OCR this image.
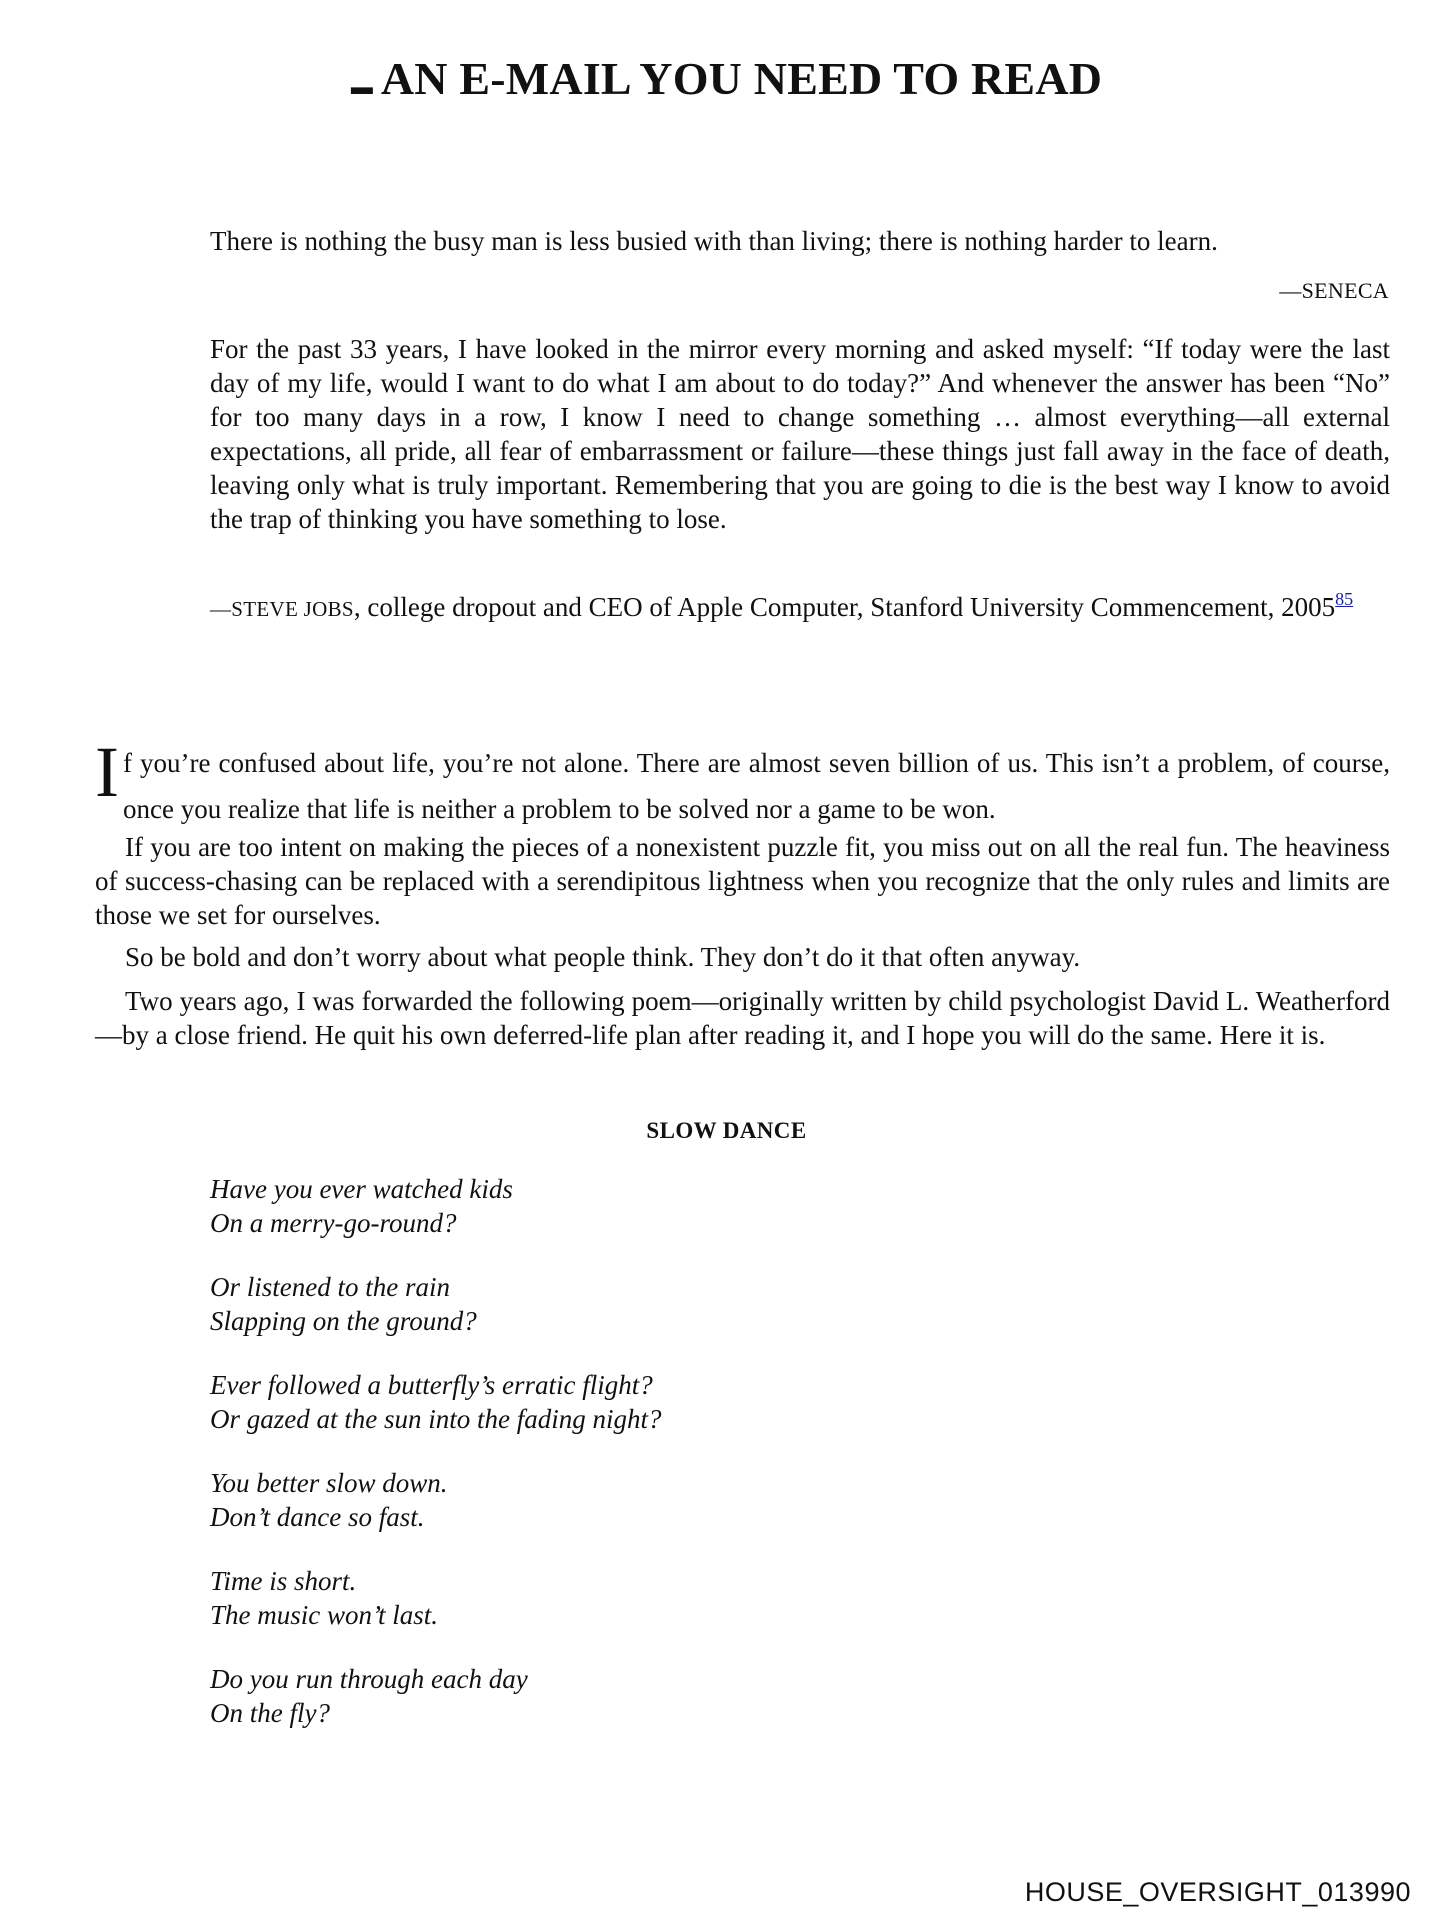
▬ AN E-MAIL YOU NEED TO READ
There is nothing the busy man is less busied with than living; there is nothing harder to learn.
—SENECA
For the past 33 years, I have looked in the mirror every morning and asked myself: “If today were the last day of my life, would I want to do what I am about to do today?” And whenever the answer has been “No” for too many days in a row, I know I need to change something … almost everything—all external expectations, all pride, all fear of embarrassment or failure—these things just fall away in the face of death, leaving only what is truly important. Remembering that you are going to die is the best way I know to avoid the trap of thinking you have something to lose.
—STEVE JOBS, college dropout and CEO of Apple Computer, Stanford University Commencement, 2005$^{85}$
If you’re confused about life, you’re not alone. There are almost seven billion of us. This isn’t a problem, of course, once you realize that life is neither a problem to be solved nor a game to be won.
If you are too intent on making the pieces of a nonexistent puzzle fit, you miss out on all the real fun. The heaviness of success-chasing can be replaced with a serendipitous lightness when you recognize that the only rules and limits are those we set for ourselves.
So be bold and don’t worry about what people think. They don’t do it that often anyway.
Two years ago, I was forwarded the following poem—originally written by child psychologist David L. Weatherford—by a close friend. He quit his own deferred-life plan after reading it, and I hope you will do the same. Here it is.
SLOW DANCE
Have you ever watched kids
On a merry-go-round?
Or listened to the rain
Slapping on the ground?
Ever followed a butterfly’s erratic flight?
Or gazed at the sun into the fading night?
You better slow down.
Don’t dance so fast.
Time is short.
The music won’t last.
Do you run through each day
On the fly?
HOUSE_OVERSIGHT_013990
